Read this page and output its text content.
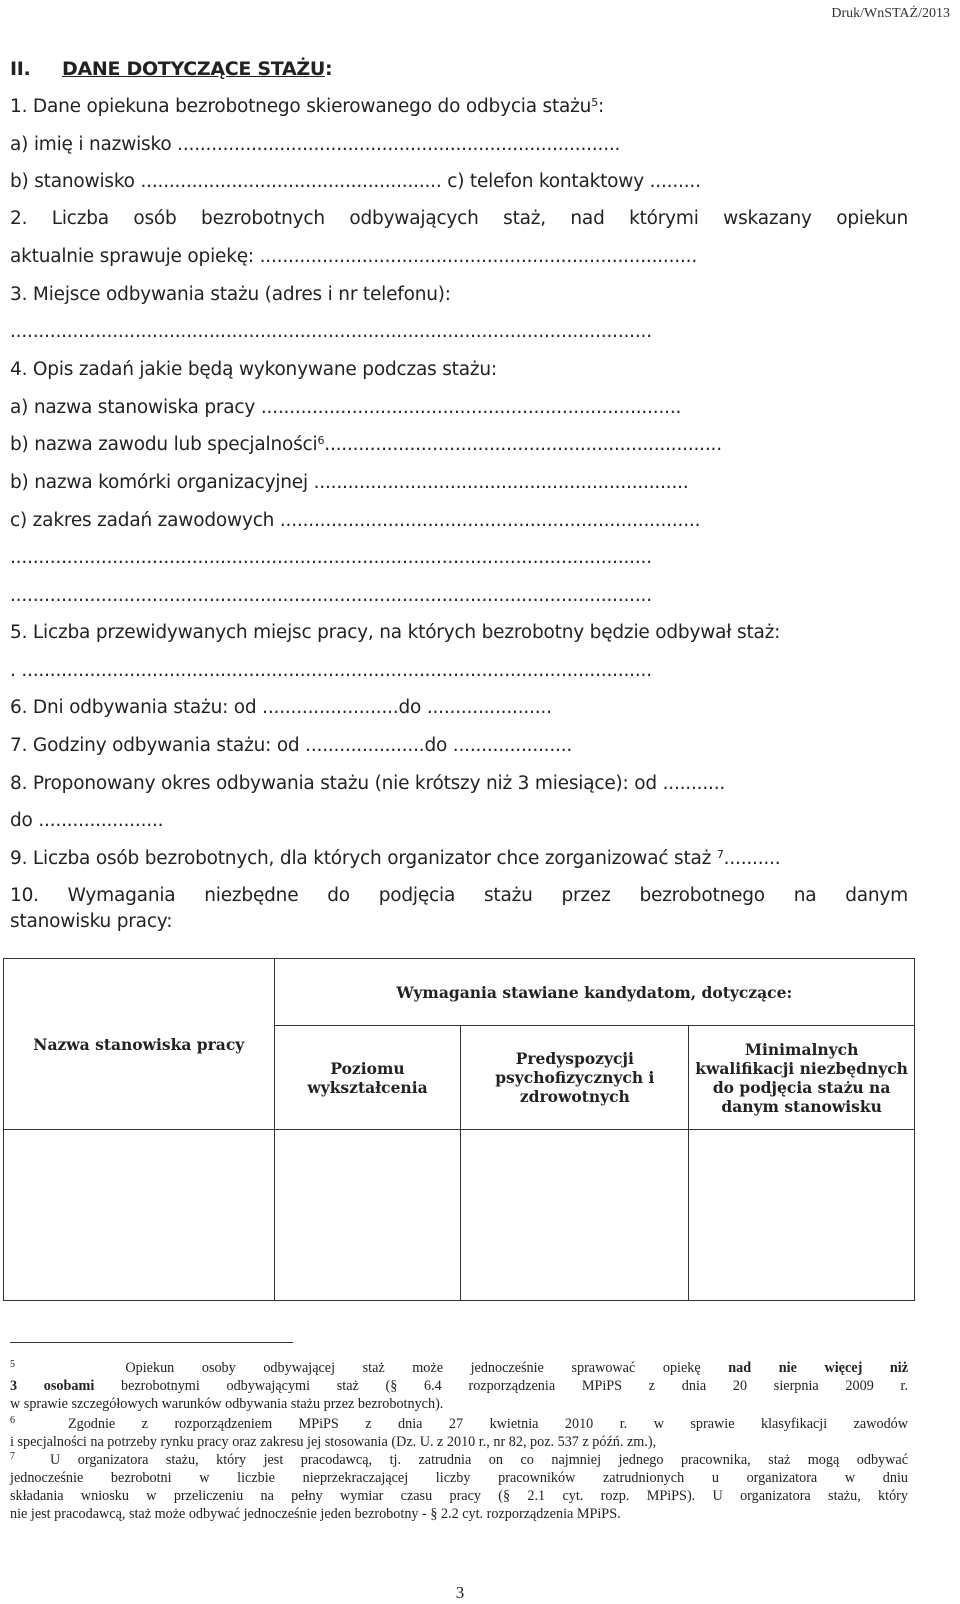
Druk/WnSTAŻ/2013
II. DANE DOTYCZĄCE STAŻU:
1. Dane opiekuna bezrobotnego skierowanego do odbycia stażu$^5$:
a) imię i nazwisko ..............................................................................
b) stanowisko ..................................................... c) telefon kontaktowy .........
2. Liczba osób bezrobotnych odbywających staż, nad którymi wskazany opiekun
aktualnie sprawuje opiekę: .............................................................................
3. Miejsce odbywania stażu (adres i nr telefonu):
.................................................................................................................
4. Opis zadań jakie będą wykonywane podczas stażu:
a) nazwa stanowiska pracy ..........................................................................
b) nazwa zawodu lub specjalności$^6$......................................................................
b) nazwa komórki organizacyjnej ..................................................................
c) zakres zadań zawodowych ..........................................................................
.................................................................................................................
.................................................................................................................
5. Liczba przewidywanych miejsc pracy, na których bezrobotny będzie odbywał staż:
. ...............................................................................................................
6. Dni odbywania stażu: od ........................do ......................
7. Godziny odbywania stażu: od .....................do .....................
8. Proponowany okres odbywania stażu (nie krótszy niż 3 miesiące): od ...........
do ......................
9. Liczba osób bezrobotnych, dla których organizator chce zorganizować staż $^7$..........
10. Wymagania niezbędne do podjęcia stażu przez bezrobotnego na danym
stanowisku pracy:
Nazwa stanowiska pracy	Wymagania stawiane kandydatom, dotyczące:		
	Poziomu wykształcenia	Predyspozycji psychofizycznych i zdrowotnych	Minimalnych kwalifikacji niezbędnych do podjęcia stażu na danym stanowisku

$^5$	Opiekun osoby odbywającej staż może jednocześnie sprawować opiekę nad nie więcej niż
3 osobami bezrobotnymi odbywającymi staż (§ 6.4 rozporządzenia MPiPS z dnia 20 sierpnia 2009 r.
w sprawie szczegółowych warunków odbywania stażu przez bezrobotnych).
$^6$	Zgodnie z rozporządzeniem MPiPS z dnia 27 kwietnia 2010 r. w sprawie klasyfikacji zawodów
i specjalności na potrzeby rynku pracy oraz zakresu jej stosowania (Dz. U. z 2010 r., nr 82, poz. 537 z późń. zm.),
$^7$ U organizatora stażu, który jest pracodawcą, tj. zatrudnia on co najmniej jednego pracownika, staż mogą odbywać
jednocześnie bezrobotni w liczbie nieprzekraczającej liczby pracowników zatrudnionych u organizatora w dniu
składania wniosku w przeliczeniu na pełny wymiar czasu pracy (§ 2.1 cyt. rozp. MPiPS). U organizatora stażu, który
nie jest pracodawcą, staż może odbywać jednocześnie jeden bezrobotny - § 2.2 cyt. rozporządzenia MPiPS.
3
